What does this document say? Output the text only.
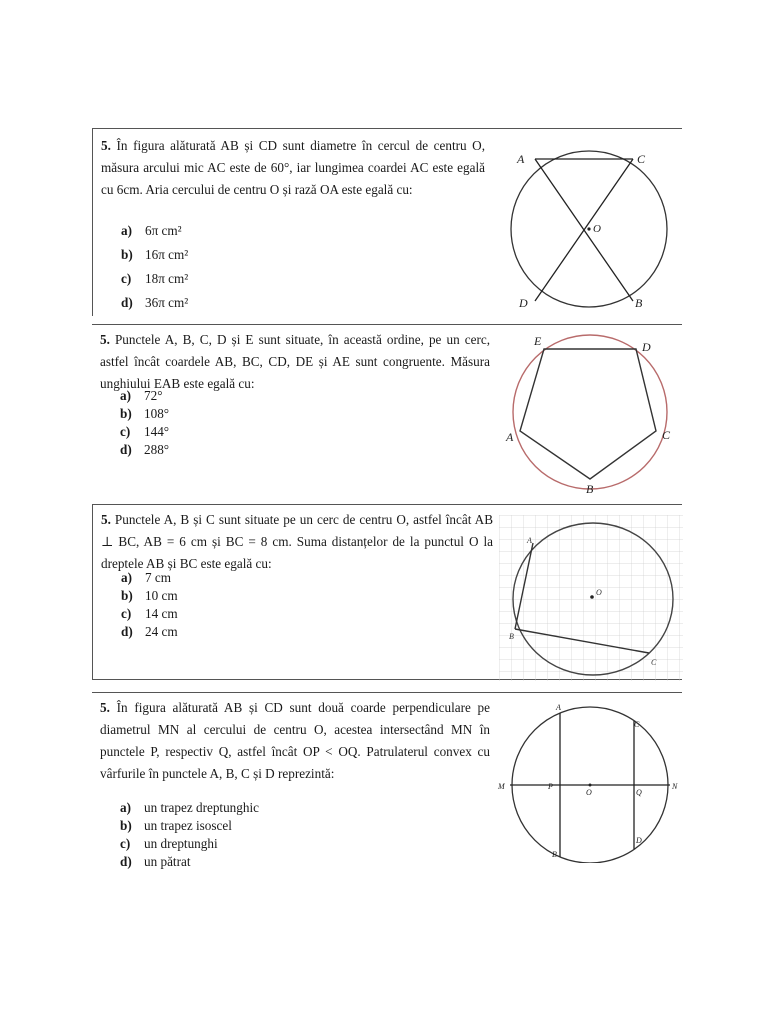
5. În figura alăturată AB și CD sunt diametre în cercul de centru O, măsura arcului mic AC este de 60°, iar lungimea coardei AC este egală cu 6cm. Aria cercului de centru O și rază OA este egală cu:
a) 6π cm²
b) 16π cm²
c) 18π cm²
d) 36π cm²
A	C
O
D	B
5. Punctele A, B, C, D și E sunt situate, în această ordine, pe un cerc, astfel încât coardele AB, BC, CD, DE și AE sunt congruente. Măsura unghiului EAB este egală cu:
a) 72°
b) 108°
c) 144°
d) 288°
E	D
A	C
B
5. Punctele A, B și C sunt situate pe un cerc de centru O, astfel încât AB ⊥ BC, AB = 6 cm și BC = 8 cm. Suma distanțelor de la punctul O la dreptele AB și BC este egală cu:
a) 7 cm
b) 10 cm
c) 14 cm
d) 24 cm
A
O
B
C
5. În figura alăturată AB și CD sunt două coarde perpendiculare pe diametrul MN al cercului de centru O, acestea intersectând MN în punctele P, respectiv Q, astfel încât OP < OQ. Patrulaterul convex cu vârfurile în punctele A, B, C și D reprezintă:
a) un trapez dreptunghic
b) un trapez isoscel
c) un dreptunghi
d) un pătrat
A
C
M	P
O	Q
N
D
B
